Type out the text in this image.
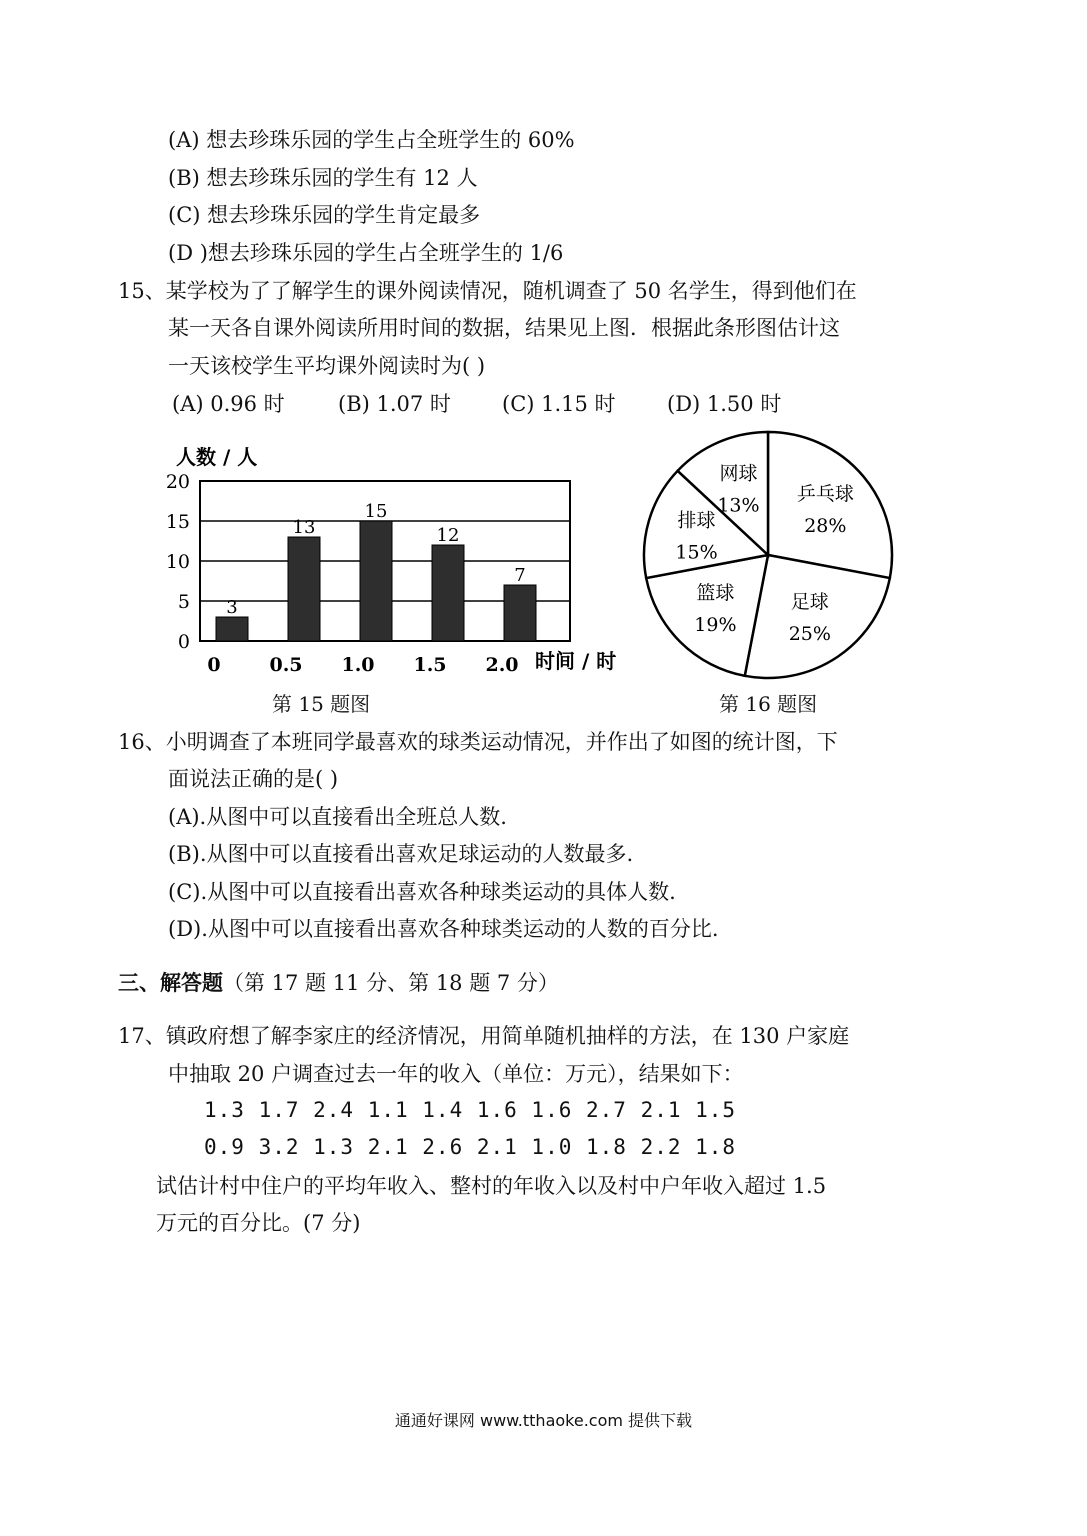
(A) 想去珍珠乐园的学生占全班学生的 60%
(B) 想去珍珠乐园的学生有 12 人
(C) 想去珍珠乐园的学生肯定最多
(D )想去珍珠乐园的学生占全班学生的 1/6
15、某学校为了了解学生的课外阅读情况，随机调查了 50 名学生，得到他们在
某一天各自课外阅读所用时间的数据，结果见上图．根据此条形图估计这
一天该校学生平均课外阅读时为( )
(A) 0.96 时	(B) 1.07 时 (C) 1.15 时 (D) 1.50 时
人数 / 人
时间 / 时
0
5
10
15
20
3
13
15
12
7
0	0.5 1.0 1.5 2.0
第 15 题图
乒乓球
28%
足球
25%
篮球
19%
排球
15%
网球
13%
第 16 题图
16、小明调查了本班同学最喜欢的球类运动情况，并作出了如图的统计图，下
面说法正确的是( )
(A).从图中可以直接看出全班总人数.
(B).从图中可以直接看出喜欢足球运动的人数最多.
(C).从图中可以直接看出喜欢各种球类运动的具体人数.
(D).从图中可以直接看出喜欢各种球类运动的人数的百分比.
三、解答题（第 17 题 11 分、第 18 题 7 分）
17、镇政府想了解李家庄的经济情况，用简单随机抽样的方法，在 130 户家庭
中抽取 20 户调查过去一年的收入（单位：万元），结果如下：
1.3 1.7 2.4 1.1 1.4 1.6 1.6 2.7 2.1 1.5
0.9 3.2 1.3 2.1 2.6 2.1 1.0 1.8 2.2 1.8
试估计村中住户的平均年收入、整村的年收入以及村中户年收入超过 1.5
万元的百分比。(7 分)
通通好课网 www.tthaoke.com 提供下载
